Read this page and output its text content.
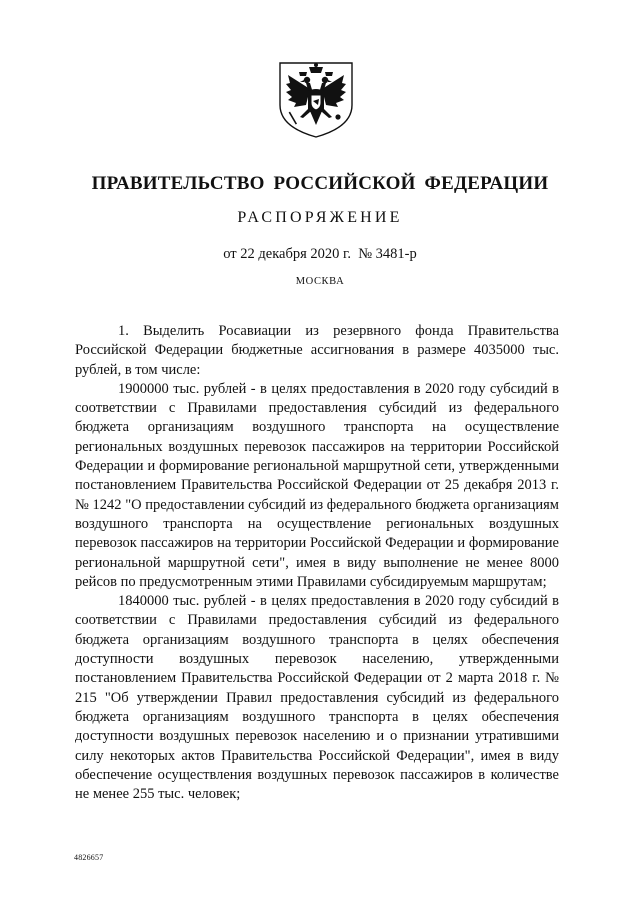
ПРАВИТЕЛЬСТВО РОССИЙСКОЙ ФЕДЕРАЦИИ
РАСПОРЯЖЕНИЕ
от 22 декабря 2020 г. № 3481-р
МОСКВА

1. Выделить Росавиации из резервного фонда Правительства Российской Федерации бюджетные ассигнования в размере 4035000 тыс. рублей, в том числе:

1900000 тыс. рублей - в целях предоставления в 2020 году субсидий в соответствии с Правилами предоставления субсидий из федерального бюджета организациям воздушного транспорта на осуществление региональных воздушных перевозок пассажиров на территории Российской Федерации и формирование региональной маршрутной сети, утвержденными постановлением Правительства Российской Федерации от 25 декабря 2013 г. № 1242 "О предоставлении субсидий из федерального бюджета организациям воздушного транспорта на осуществление региональных воздушных перевозок пассажиров на территории Российской Федерации и формирование региональной маршрутной сети", имея в виду выполнение не менее 8000 рейсов по предусмотренным этими Правилами субсидируемым маршрутам;

1840000 тыс. рублей - в целях предоставления в 2020 году субсидий в соответствии с Правилами предоставления субсидий из федерального бюджета организациям воздушного транспорта в целях обеспечения доступности воздушных перевозок населению, утвержденными постановлением Правительства Российской Федерации от 2 марта 2018 г. № 215 "Об утверждении Правил предоставления субсидий из федерального бюджета организациям воздушного транспорта в целях обеспечения доступности воздушных перевозок населению и о признании утратившими силу некоторых актов Правительства Российской Федерации", имея в виду обеспечение осуществления воздушных перевозок пассажиров в количестве не менее 255 тыс. человек;

4826657
